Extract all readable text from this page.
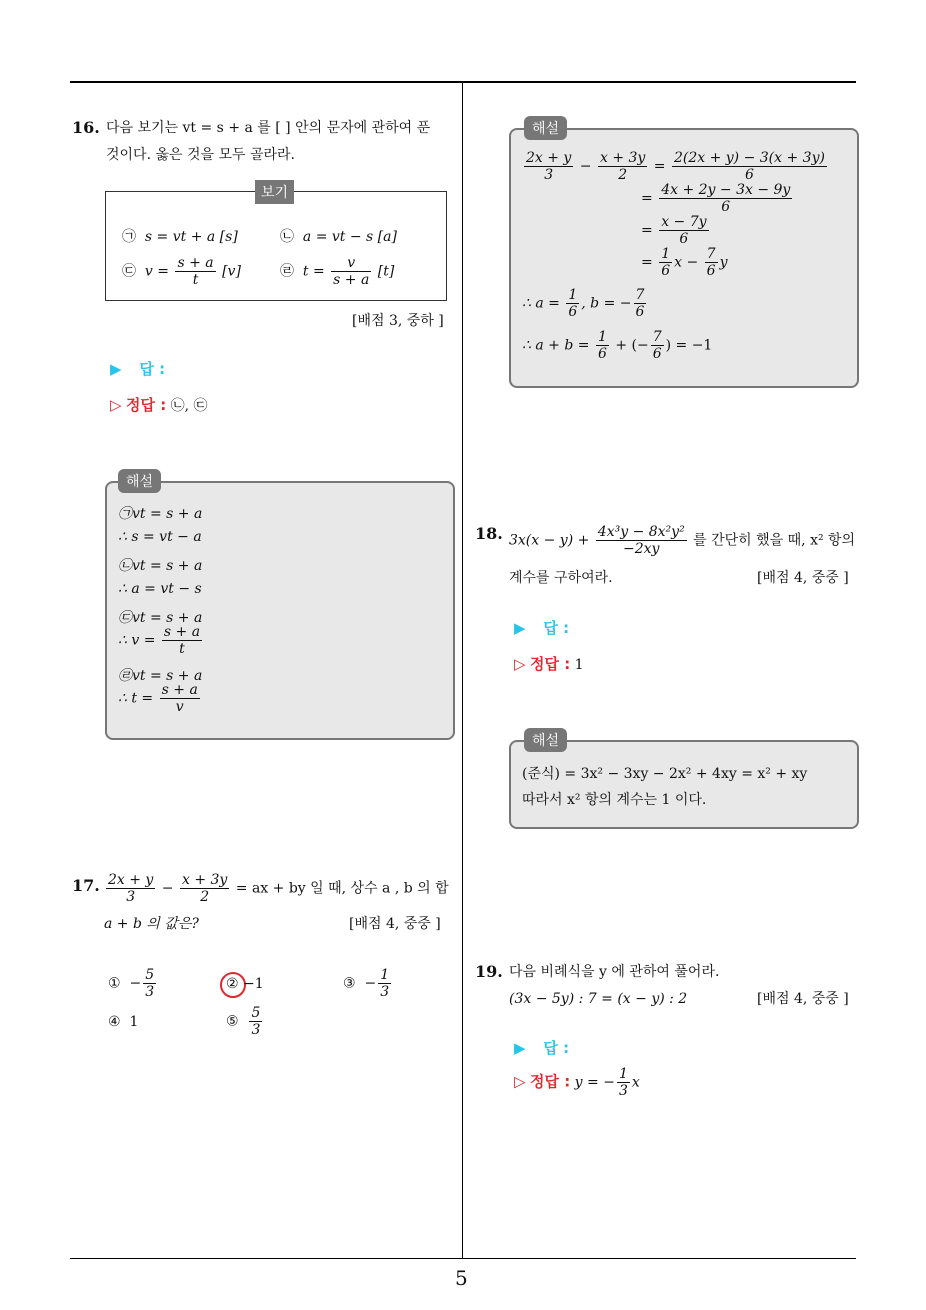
5
16. 다음 보기는 vt = s + a 를 [ ] 안의 문자에 관하여 푼
것이다. 옳은 것을 모두 골라라.
보기
㉠ s = vt + a [s]	㉡ a = vt − s [a]
㉢ $v = \frac{s + a}{t} [v]$	㉣ $t = \frac{v}{s + a} [t]$
[배점 3, 중하 ]
▶ 답 :
▷ 정답 : ㉡, ㉢
해설
㉠vt = s + a
∴ s = vt − a
㉡vt = s + a
∴ a = vt − s
㉢vt = s + a
∴ $v = \frac{s + a}{t}$
㉣vt = s + a
∴ $t = \frac{s + a}{v}$
17. $\frac{2x + y}{3} - \frac{x + 3y}{2}$ = ax + by 일 때, 상수 a , b 의 합
a + b 의 값은?	[배점 4, 중중 ]
① − $\frac{5}{3}$	② −1	③ − $\frac{1}{3}$
④ 1	⑤ $\frac{5}{3}$
해설
$\frac{2x + y}{3} - \frac{x + 3y}{2} = \frac{2(2x + y) - 3(x + 3y)}{6}$
= $\frac{4x + 2y - 3x - 9y}{6}$
= $\frac{x - 7y}{6}$
= $\frac{1}{6}$ $x - \frac{7}{6}$ y
∴ $a = \frac{1}{6}$ , b = − $\frac{7}{6}$
∴ $a + b = \frac{1}{6}$ + (− $\frac{7}{6}$ ) = −1
18. $3x(x - y) + \frac{\text{4x³y − 8x²y²}}{-2xy}$ 를 간단히 했을 때, x² 항의
계수를 구하여라.	[배점 4, 중중 ]
▶ 답 :
▷ 정답 : 1
해설
(준식) = 3x² − 3xy − 2x² + 4xy = x² + xy
따라서 x² 항의 계수는 1 이다.
19. 다음 비례식을 y 에 관하여 풀어라.
(3x − 5y) : 7 = (x − y) : 2	[배점 4, 중중 ]
▶ 답 :
▷ 정답 : y = − $\frac{1}{3}$ x
